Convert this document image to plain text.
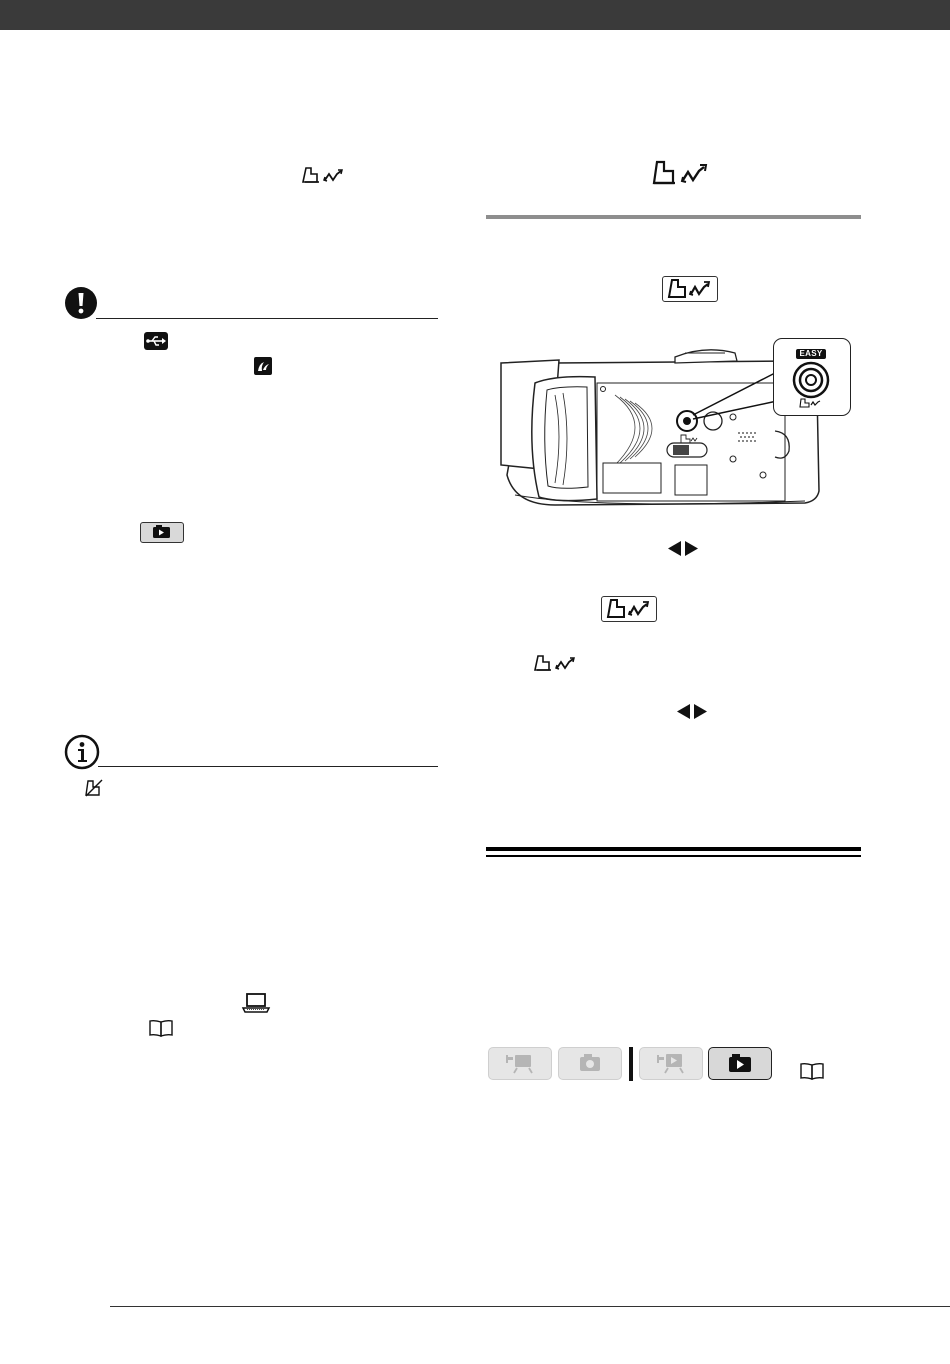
EASY
